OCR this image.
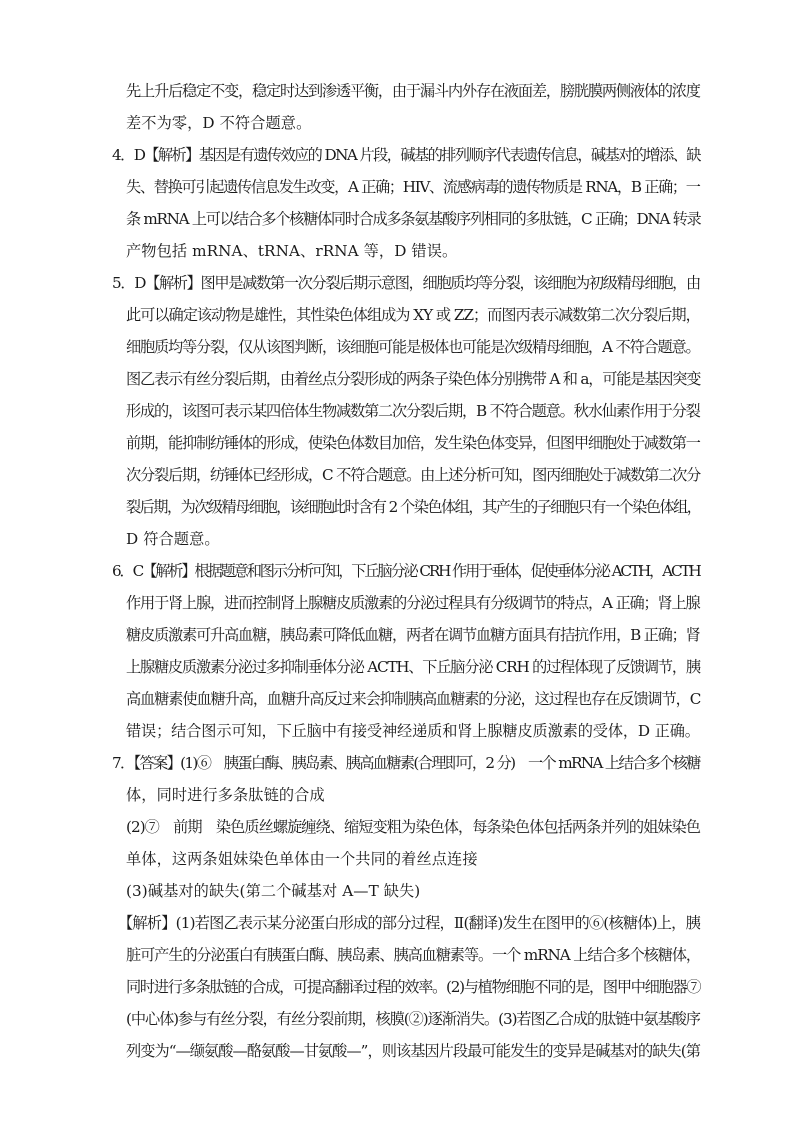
先上升后稳定不变，稳定时达到渗透平衡，由于漏斗内外存在液面差，膀胱膜两侧液体的浓度
差不为零，D 不符合题意。
4．D【解析】基因是有遗传效应的 DNA 片段，碱基的排列顺序代表遗传信息，碱基对的增添、缺
失、替换可引起遗传信息发生改变，A 正确；HIV、流感病毒的遗传物质是 RNA，B 正确；一
条 mRNA 上可以结合多个核糖体同时合成多条氨基酸序列相同的多肽链，C 正确；DNA 转录
产物包括 mRNA、tRNA、rRNA 等，D 错误。
5．D【解析】图甲是减数第一次分裂后期示意图，细胞质均等分裂，该细胞为初级精母细胞，由
此可以确定该动物是雄性，其性染色体组成为 XY 或 ZZ；而图丙表示减数第二次分裂后期，
细胞质均等分裂，仅从该图判断，该细胞可能是极体也可能是次级精母细胞，A 不符合题意。
图乙表示有丝分裂后期，由着丝点分裂形成的两条子染色体分别携带 A 和 a，可能是基因突变
形成的，该图可表示某四倍体生物减数第二次分裂后期，B 不符合题意。秋水仙素作用于分裂
前期，能抑制纺锤体的形成，使染色体数目加倍，发生染色体变异，但图甲细胞处于减数第一
次分裂后期，纺锤体已经形成，C 不符合题意。由上述分析可知，图丙细胞处于减数第二次分
裂后期，为次级精母细胞，该细胞此时含有 2 个染色体组，其产生的子细胞只有一个染色体组，
D 符合题意。
6．C【解析】根据题意和图示分析可知，下丘脑分泌 CRH 作用于垂体，促使垂体分泌 ACTH，ACTH
作用于肾上腺，进而控制肾上腺糖皮质激素的分泌过程具有分级调节的特点，A 正确；肾上腺
糖皮质激素可升高血糖，胰岛素可降低血糖，两者在调节血糖方面具有拮抗作用，B 正确；肾
上腺糖皮质激素分泌过多抑制垂体分泌 ACTH、下丘脑分泌 CRH 的过程体现了反馈调节，胰
高血糖素使血糖升高，血糖升高反过来会抑制胰高血糖素的分泌，这过程也存在反馈调节，C
错误；结合图示可知，下丘脑中有接受神经递质和肾上腺糖皮质激素的受体，D 正确。
7．【答案】(1)⑥　胰蛋白酶、胰岛素、胰高血糖素(合理即可，2 分)　一个 mRNA 上结合多个核糖
体，同时进行多条肽链的合成
(2)⑦　前期　染色质丝螺旋缠绕、缩短变粗为染色体，每条染色体包括两条并列的姐妹染色
单体，这两条姐妹染色单体由一个共同的着丝点连接
(3)碱基对的缺失(第二个碱基对 A—T 缺失)
【解析】(1)若图乙表示某分泌蛋白形成的部分过程，Ⅱ(翻译)发生在图甲的⑥(核糖体)上，胰
脏可产生的分泌蛋白有胰蛋白酶、胰岛素、胰高血糖素等。一个 mRNA 上结合多个核糖体，
同时进行多条肽链的合成，可提高翻译过程的效率。(2)与植物细胞不同的是，图甲中细胞器⑦
(中心体)参与有丝分裂，有丝分裂前期，核膜(②)逐渐消失。(3)若图乙合成的肽链中氨基酸序
列变为“—缬氨酸—酪氨酸—甘氨酸—”，则该基因片段最可能发生的变异是碱基对的缺失(第
